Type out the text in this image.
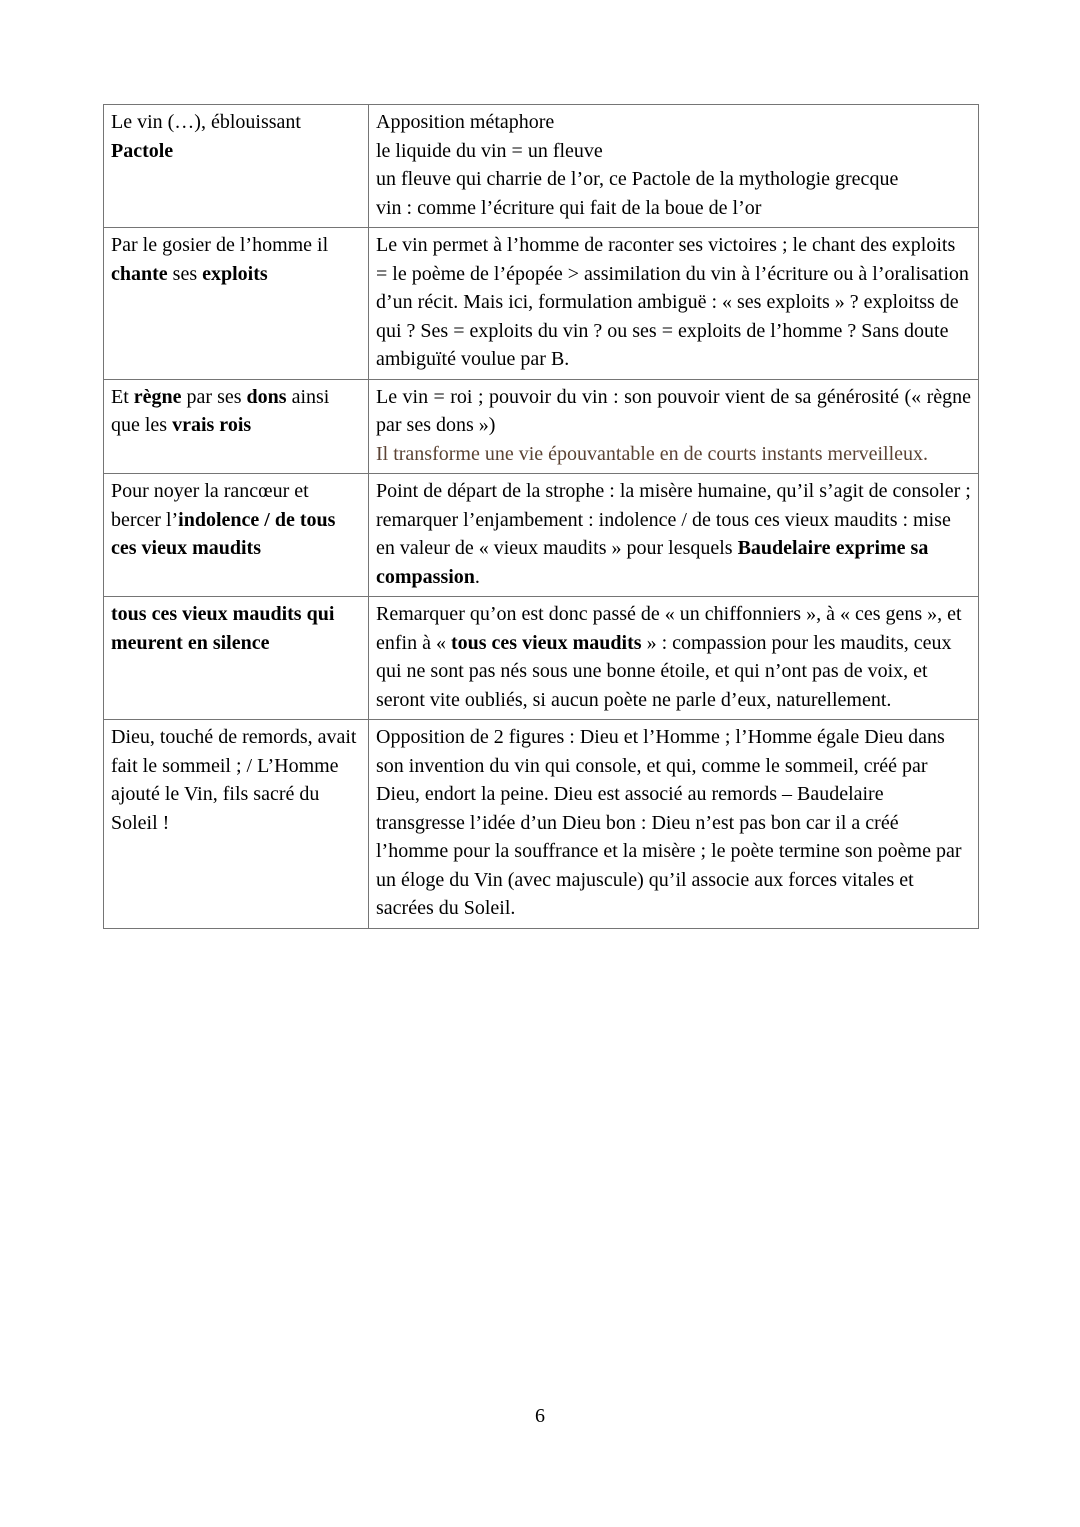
Le vin (…), éblouissant Pactole	Apposition métaphore

le liquide du vin = un fleuve

un fleuve qui charrie de l’or, ce Pactole de la mythologie grecque

vin : comme l’écriture qui fait de la boue de l’or

Par le gosier de l’homme il chante ses exploits	Le vin permet à l’homme de raconter ses victoires ; le chant des exploits = le poème de l’épopée > assimilation du vin à l’écriture ou à l’oralisation d’un récit. Mais ici, formulation ambiguë : « ses exploits » ? exploitss de qui ? Ses = exploits du vin ? ou ses = exploits de l’homme ? Sans doute ambiguïté voulue par B.

Et règne par ses dons ainsi que les vrais rois	Le vin = roi ; pouvoir du vin : son pouvoir vient de sa générosité (« règne par ses dons »)

Il transforme une vie épouvantable en de courts instants merveilleux.

Pour noyer la rancœur et bercer l’indolence / de tous ces vieux maudits	Point de départ de la strophe : la misère humaine, qu’il s’agit de consoler ;

remarquer l’enjambement : indolence / de tous ces vieux maudits : mise en valeur de « vieux maudits » pour lesquels Baudelaire exprime sa compassion.

tous ces vieux maudits qui meurent en silence	Remarquer qu’on est donc passé de « un chiffonniers », à « ces gens », et enfin à « tous ces vieux maudits » : compassion pour les maudits, ceux qui ne sont pas nés sous une bonne étoile, et qui n’ont pas de voix, et seront vite oubliés, si aucun poète ne parle d’eux, naturellement.

Dieu, touché de remords, avait fait le sommeil ; / L’Homme ajouté le Vin, fils sacré du Soleil !	Opposition de 2 figures : Dieu et l’Homme ; l’Homme égale Dieu dans son invention du vin qui console, et qui, comme le sommeil, créé par Dieu, endort la peine. Dieu est associé au remords – Baudelaire transgresse l’idée d’un Dieu bon : Dieu n’est pas bon car il a créé l’homme pour la souffrance et la misère ; le poète termine son poème par un éloge du Vin (avec majuscule) qu’il associe aux forces vitales et sacrées du Soleil.

6
